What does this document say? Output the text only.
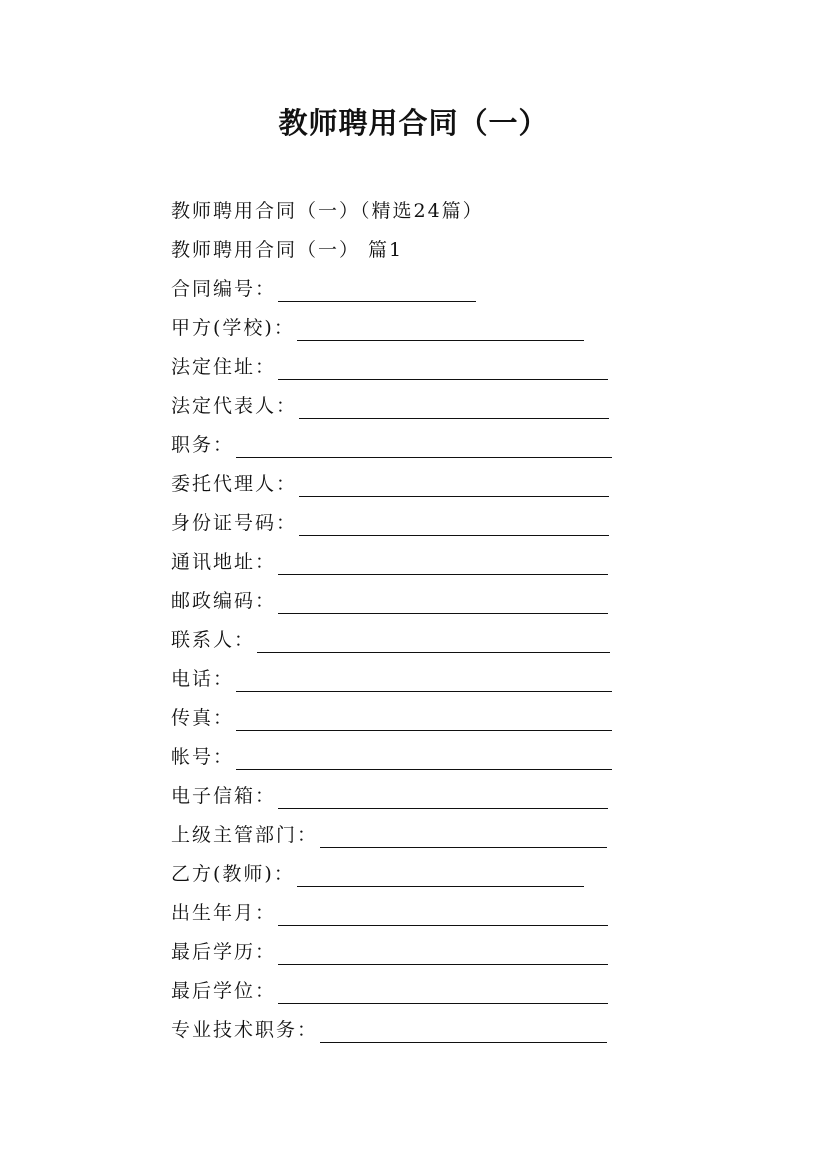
教师聘用合同（一）
教师聘用合同（一）（精选24篇）
教师聘用合同（一） 篇1
合同编号：
甲方(学校)：
法定住址：
法定代表人：
职务：
委托代理人：
身份证号码：
通讯地址：
邮政编码：
联系人：
电话：
传真：
帐号：
电子信箱：
上级主管部门：
乙方(教师)：
出生年月：
最后学历：
最后学位：
专业技术职务：
